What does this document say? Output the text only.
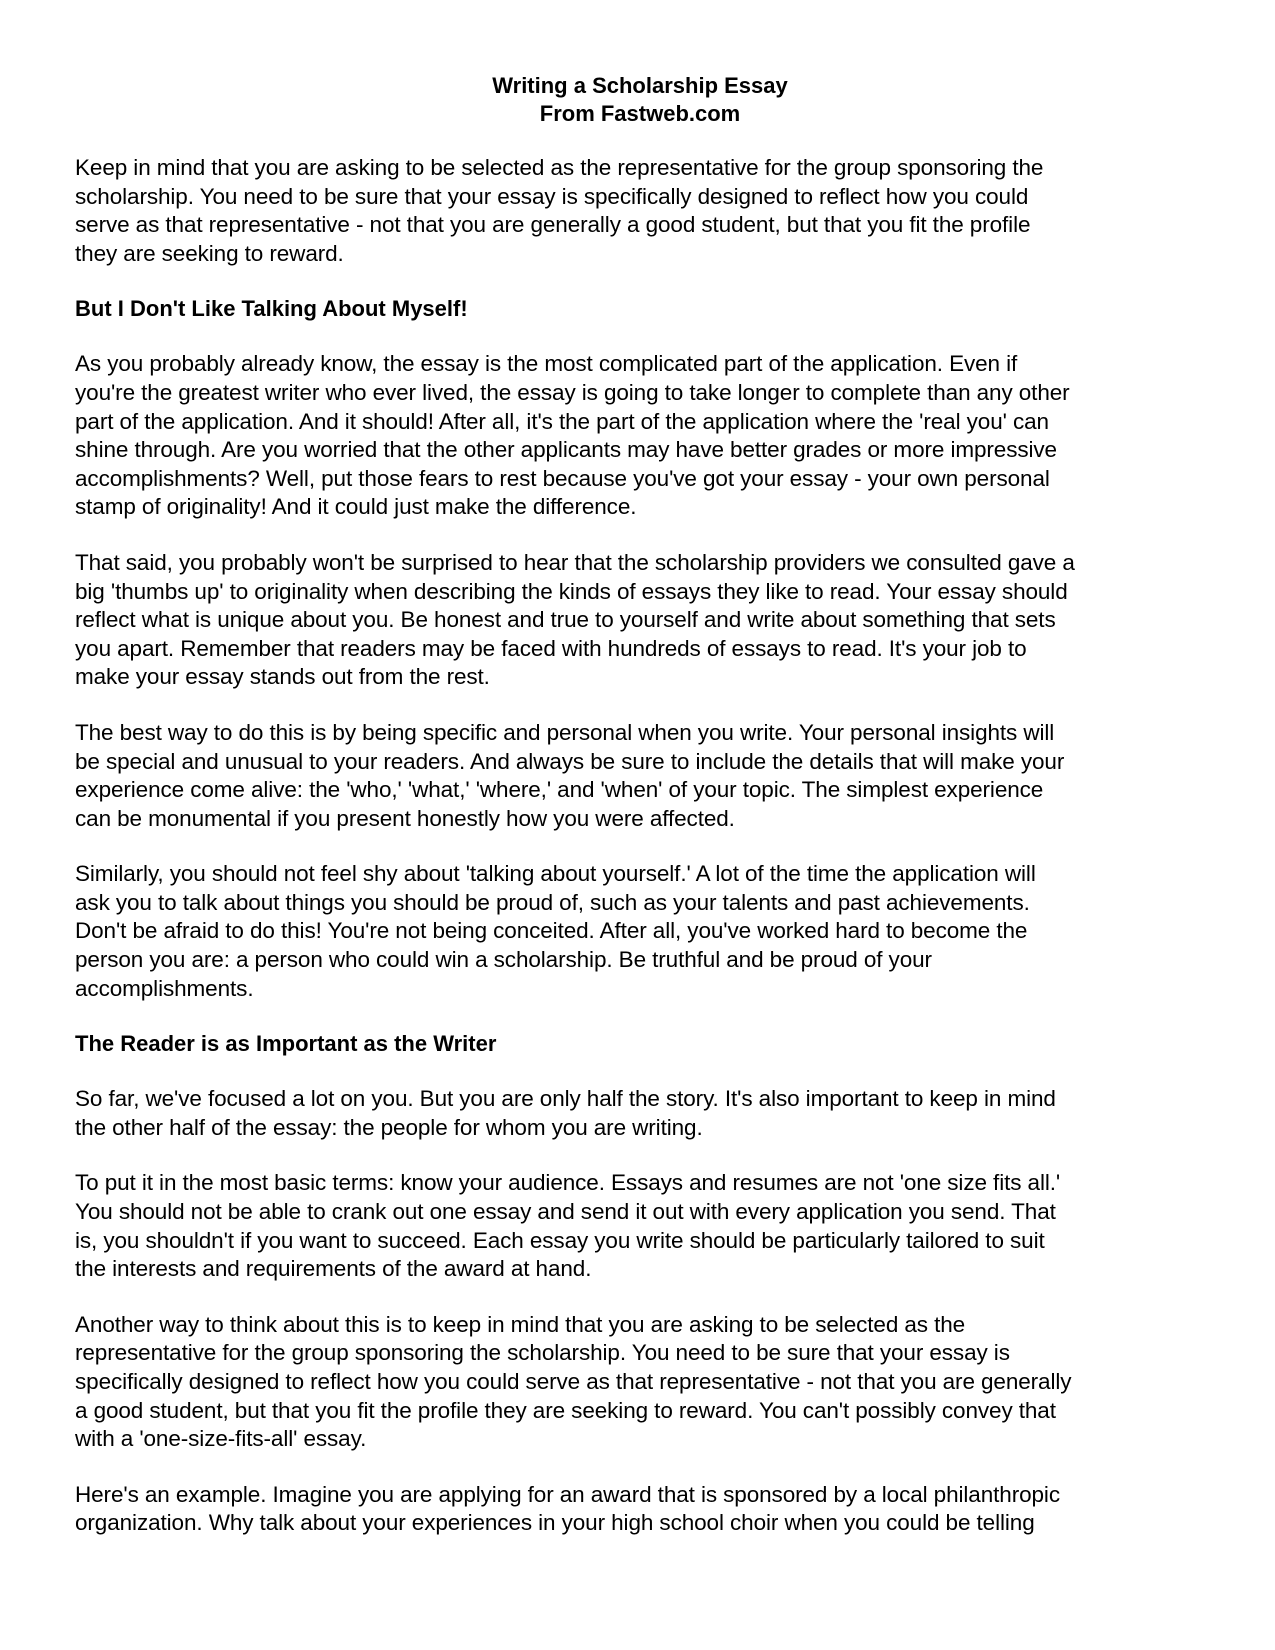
Writing a Scholarship Essay
From Fastweb.com

Keep in mind that you are asking to be selected as the representative for the group sponsoring the
scholarship. You need to be sure that your essay is specifically designed to reflect how you could
serve as that representative - not that you are generally a good student, but that you fit the profile
they are seeking to reward.

But I Don't Like Talking About Myself!

As you probably already know, the essay is the most complicated part of the application. Even if
you're the greatest writer who ever lived, the essay is going to take longer to complete than any other
part of the application. And it should! After all, it's the part of the application where the 'real you' can
shine through. Are you worried that the other applicants may have better grades or more impressive
accomplishments? Well, put those fears to rest because you've got your essay - your own personal
stamp of originality! And it could just make the difference.

That said, you probably won't be surprised to hear that the scholarship providers we consulted gave a
big 'thumbs up' to originality when describing the kinds of essays they like to read. Your essay should
reflect what is unique about you. Be honest and true to yourself and write about something that sets
you apart. Remember that readers may be faced with hundreds of essays to read. It's your job to
make your essay stands out from the rest.

The best way to do this is by being specific and personal when you write. Your personal insights will
be special and unusual to your readers. And always be sure to include the details that will make your
experience come alive: the 'who,' 'what,' 'where,' and 'when' of your topic. The simplest experience
can be monumental if you present honestly how you were affected.

Similarly, you should not feel shy about 'talking about yourself.' A lot of the time the application will
ask you to talk about things you should be proud of, such as your talents and past achievements.
Don't be afraid to do this! You're not being conceited. After all, you've worked hard to become the
person you are: a person who could win a scholarship. Be truthful and be proud of your
accomplishments.

The Reader is as Important as the Writer

So far, we've focused a lot on you. But you are only half the story. It's also important to keep in mind
the other half of the essay: the people for whom you are writing.

To put it in the most basic terms: know your audience. Essays and resumes are not 'one size fits all.'
You should not be able to crank out one essay and send it out with every application you send. That
is, you shouldn't if you want to succeed. Each essay you write should be particularly tailored to suit
the interests and requirements of the award at hand.

Another way to think about this is to keep in mind that you are asking to be selected as the
representative for the group sponsoring the scholarship. You need to be sure that your essay is
specifically designed to reflect how you could serve as that representative - not that you are generally
a good student, but that you fit the profile they are seeking to reward. You can't possibly convey that
with a 'one-size-fits-all' essay.

Here's an example. Imagine you are applying for an award that is sponsored by a local philanthropic
organization. Why talk about your experiences in your high school choir when you could be telling
